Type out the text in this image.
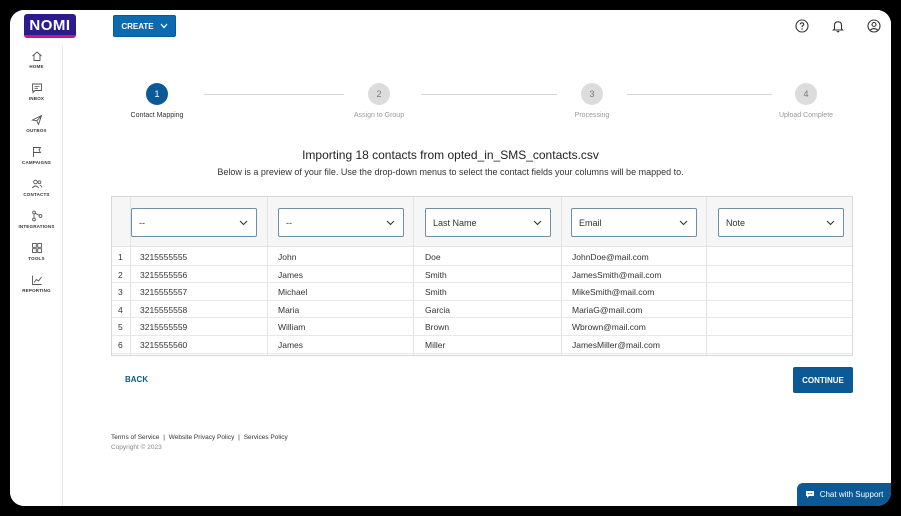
NOMI	CREATE
HOME
INBOX
OUTBOX
CAMPAIGNS
CONTACTS
INTEGRATIONS
TOOLS
REPORTING
1
Contact Mapping
2
Assign to Group
3
Processing
4
Upload Complete
Importing 18 contacts from opted_in_SMS_contacts.csv
Below is a preview of your file. Use the drop-down menus to select the contact fields your columns will be mapped to.
--	--	Last Name	Email	Note
1 3215555555	John	Doe	JohnDoe@mail.com
2 3215555556	James	Smith	JamesSmith@mail.com
3 3215555557	Michael	Smith	MikeSmith@mail.com
4 3215555558	Maria	Garcia	MariaG@mail.com
5 3215555559	William	Brown	Wbrown@mail.com
6 3215555560	James	Miller	JamesMiller@mail.com
BACK	CONTINUE
Terms of Service | Website Privacy Policy | Services Policy
Copyright © 2023
Chat with Support
